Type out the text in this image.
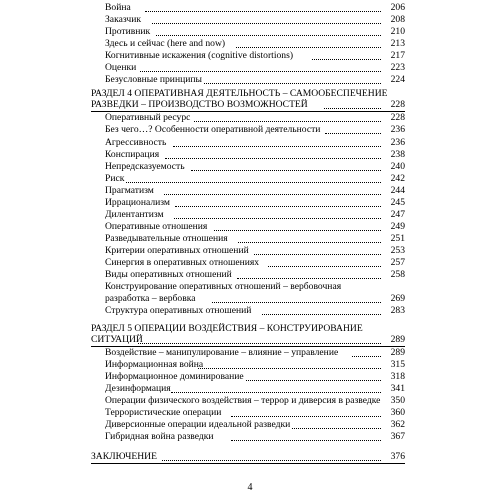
Война	206
Заказчик	208
Противник	210
Здесь и сейчас (here and now)	213
Когнитивные искажения (cognitive distortions)	217
Оценки	223
Безусловные принципы	224
РАЗДЕЛ 4 ОПЕРАТИВНАЯ ДЕЯТЕЛЬНОСТЬ – САМООБЕСПЕЧЕНИЕ
РАЗВЕДКИ – ПРОИЗВОДСТВО ВОЗМОЖНОСТЕЙ	228
Оперативный ресурс	228
Без чего…? Особенности оперативной деятельности	236
Агрессивность	236
Конспирация	238
Непредсказуемость	240
Риск	242
Прагматизм	244
Иррационализм	245
Дилентантизм	247
Оперативные отношения	249
Разведывательные отношения	251
Критерии оперативных отношений	253
Синергия в оперативных отношениях	257
Виды оперативных отношений	258
Конструирование оперативных отношений – вербовочная
разработка – вербовка	269
Структура оперативных отношений	283
РАЗДЕЛ 5 ОПЕРАЦИИ ВОЗДЕЙСТВИЯ – КОНСТРУИРОВАНИЕ
СИТУАЦИЙ	289
Воздействие – манипулирование – влияние – управление	289
Информационная война	315
Информационное доминирование	318
Дезинформация	341
Операции физического воздействия – террор и диверсия в разведке	350
Террористические операции	360
Диверсионные операции идеальной разведки	362
Гибридная война разведки	367
ЗАКЛЮЧЕНИЕ	376
4
